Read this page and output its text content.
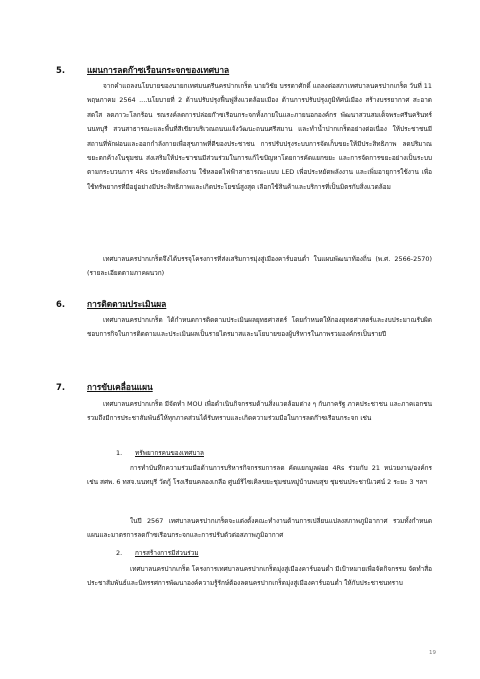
5.	แผนการลดก๊าซเรือนกระจกของเทศบาล
จากคำแถลงนโยบายของนายกเทศมนตรีนครปากเกร็ด นายวิชัย บรรดาศักดิ์ แถลงต่อสภาเทศบาลนครปากเกร็ด วันที่ 11 พฤษภาคม 2564 ....นโยบายที่ 2 ด้านปรับปรุงฟื้นฟูสิ่งแวดล้อมเมือง ด้านการปรับปรุงภูมิทัศน์เมือง สร้างบรรยากาศ สะอาด สดใส ลดภาวะโลกร้อน รณรงค์ลดการปล่อยก๊าซเรือนกระจกทั้งภายในและภายนอกองค์กร พัฒนาสวนสมเด็จพระศรีนครินทร์ นนทบุรี สวนสาธารณะและพื้นที่สีเขียวบริเวณถนนแจ้งวัฒนะถนนศรีสมาน และทำน้ำปากเกร็ดอย่างต่อเนื่อง ให้ประชาชนมีสถานที่พักผ่อนและออกกำลังกายเพื่อสุขภาพที่ดีของประชาชน การปรับปรุงระบบการจัดเก็บขยะให้มีประสิทธิภาพ ลดปริมาณขยะตกค้างในชุมชน ส่งเสริมให้ประชาชนมีส่วนร่วมในการแก้ไขปัญหาโดยการคัดแยกขยะ และการจัดการขยะอย่างเป็นระบบตามกระบวนการ 4Rs ประหยัดพลังงาน ใช้หลอดไฟฟ้าสาธารณะแบบ LED เพื่อประหยัดพลังงาน และเพิ่มอายุการใช้งาน เพื่อใช้ทรัพยากรที่มีอยู่อย่างมีประสิทธิภาพและเกิดประโยชน์สูงสุด เลือกใช้สินค้าและบริการที่เป็นมิตรกับสิ่งแวดล้อม
เทศบาลนครปากเกร็ดจึงได้บรรจุโครงการที่ส่งเสริมการมุ่งสู่เมืองคาร์บอนต่ำ ในแผนพัฒนาท้องถิ่น (พ.ศ. 2566-2570) (รายละเอียดตามภาคผนวก)
6.	การติดตามประเมินผล
เทศบาลนครปากเกร็ด ได้กำหนดการติดตามประเมินผลยุทธศาสตร์ โดยกำหนดให้กองยุทธศาสตร์และงบประมาณรับผิดชอบการกิจในการติดตามและประเมินผลเป็นรายไตรมาสและนโยบายของผู้บริหารในภาพรวมองค์กรเป็นรายปี
7.	การขับเคลื่อนแผน
เทศบาลนครปากเกร็ด มีจัดทำ MOU เพื่อดำเนินกิจกรรมด้านสิ่งแวดล้อมต่าง ๆ กับภาครัฐ ภาคประชาชน และภาคเอกชน รวมถึงมีการประชาสัมพันธ์ให้ทุกภาคส่วนได้รับทราบและเกิดความร่วมมือในการลดก๊าซเรือนกระจก เช่น
1. ทรัพยากรคนของเทศบาล
การทำบันทึกความร่วมมือด้านการบริหารกิจกรรมการลด คัดแยกมูลฝอย 4Rs ร่วมกับ 21 หน่วยงาน/องค์กร เช่น สศพ. 6 ทสจ.นนทบุรี วัดกู้ โรงเรียนคลองเกลือ ศูนย์ริไซเคิลขยะชุมชนหมู่บ้านพบสุข ชุมชนประชานิเวศน์ 2 ระยะ 3 ฯลฯ
ในปี 2567 เทศบาลนครปากเกร็ดจะแต่งตั้งคณะทำงานด้านการเปลี่ยนแปลงสภาพภูมิอากาศ รวมทั้งกำหนดแผนและมาตรการลดก๊าซเรือนกระจกและการปรับตัวต่อสภาพภูมิอากาศ
2. การสร้างการมีส่วนร่วม
เทศบาลนครปากเกร็ด โครงการเทศบาลนครปากเกร็ดมุ่งสู่เมืองคาร์บอนต่ำ มีเป้าหมายเพื่อจัดกิจกรรม จัดทำสื่อประชาสัมพันธ์และนิทรรศการพัฒนาองค์ความรู้รักษ์ต้องลดนครปากเกร็ดมุ่งสู่เมืองคาร์บอนต่ำ ให้กับประชาชนทราบ
19
